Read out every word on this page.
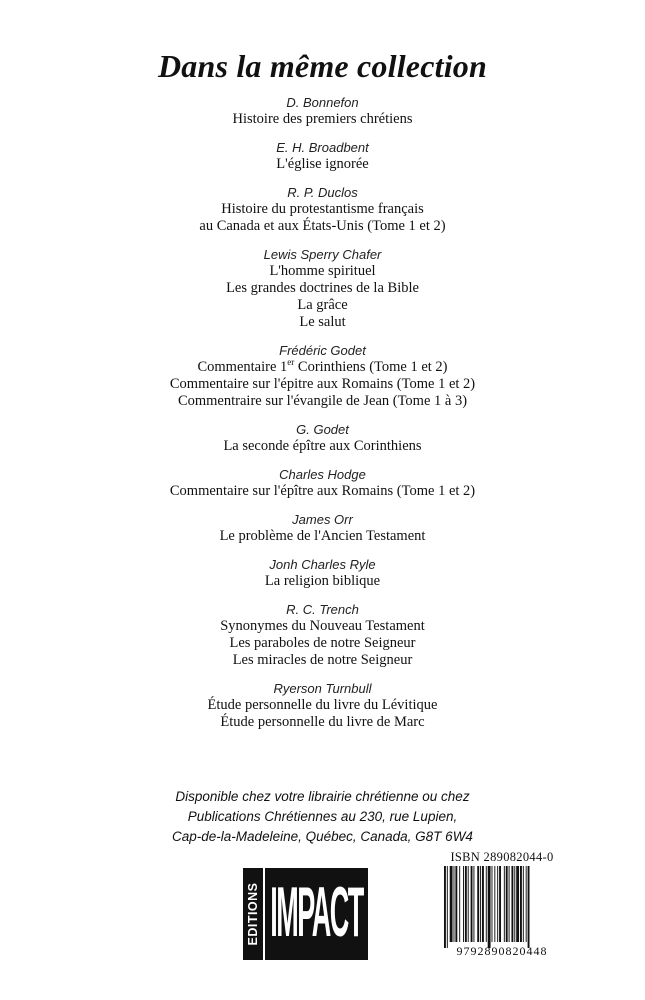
Dans la même collection
D. Bonnefon
Histoire des premiers chrétiens
E. H. Broadbent
L'église ignorée
R. P. Duclos
Histoire du protestantisme français
au Canada et aux États-Unis (Tome 1 et 2)
Lewis Sperry Chafer
L'homme spirituel
Les grandes doctrines de la Bible
La grâce
Le salut
Frédéric Godet
Commentaire 1er Corinthiens (Tome 1 et 2)
Commentaire sur l'épitre aux Romains (Tome 1 et 2)
Commentraire sur l'évangile de Jean (Tome 1 à 3)
G. Godet
La seconde épître aux Corinthiens
Charles Hodge
Commentaire sur l'épître aux Romains (Tome 1 et 2)
James Orr
Le problème de l'Ancien Testament
Jonh Charles Ryle
La religion biblique
R. C. Trench
Synonymes du Nouveau Testament
Les paraboles de notre Seigneur
Les miracles de notre Seigneur
Ryerson Turnbull
Étude personnelle du livre du Lévitique
Étude personnelle du livre de Marc
Disponible chez votre librairie chrétienne ou chez
Publications Chrétiennes au 230, rue Lupien,
Cap-de-la-Madeleine, Québec, Canada, G8T 6W4
EDITIONS IMPACT
ISBN 289082044-0
9792890820448
